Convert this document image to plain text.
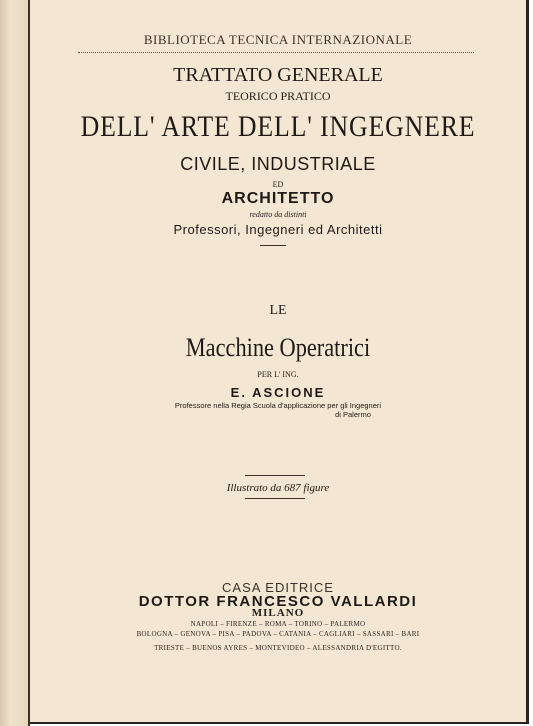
BIBLIOTECA TECNICA INTERNAZIONALE
TRATTATO GENERALE
TEORICO PRATICO
DELL' ARTE DELL' INGEGNERE
CIVILE, INDUSTRIALE
ED
ARCHITETTO
redatto da distinti
Professori, Ingegneri ed Architetti
LE
Macchine Operatrici
PER L' ING.
E. ASCIONE
Professore nella Regia Scuola d'applicazione per gli Ingegneri
di Palermo
Illustrato da 687 figure
CASA EDITRICE
DOTTOR FRANCESCO VALLARDI
MILANO
NAPOLI – FIRENZE – ROMA – TORINO – PALERMO
BOLOGNA – GENOVA – PISA – PADOVA – CATANIA – CAGLIARI – SASSARI – BARI
TRIESTE – BUENOS AYRES – MONTEVIDEO – ALESSANDRIA D'EGITTO.
